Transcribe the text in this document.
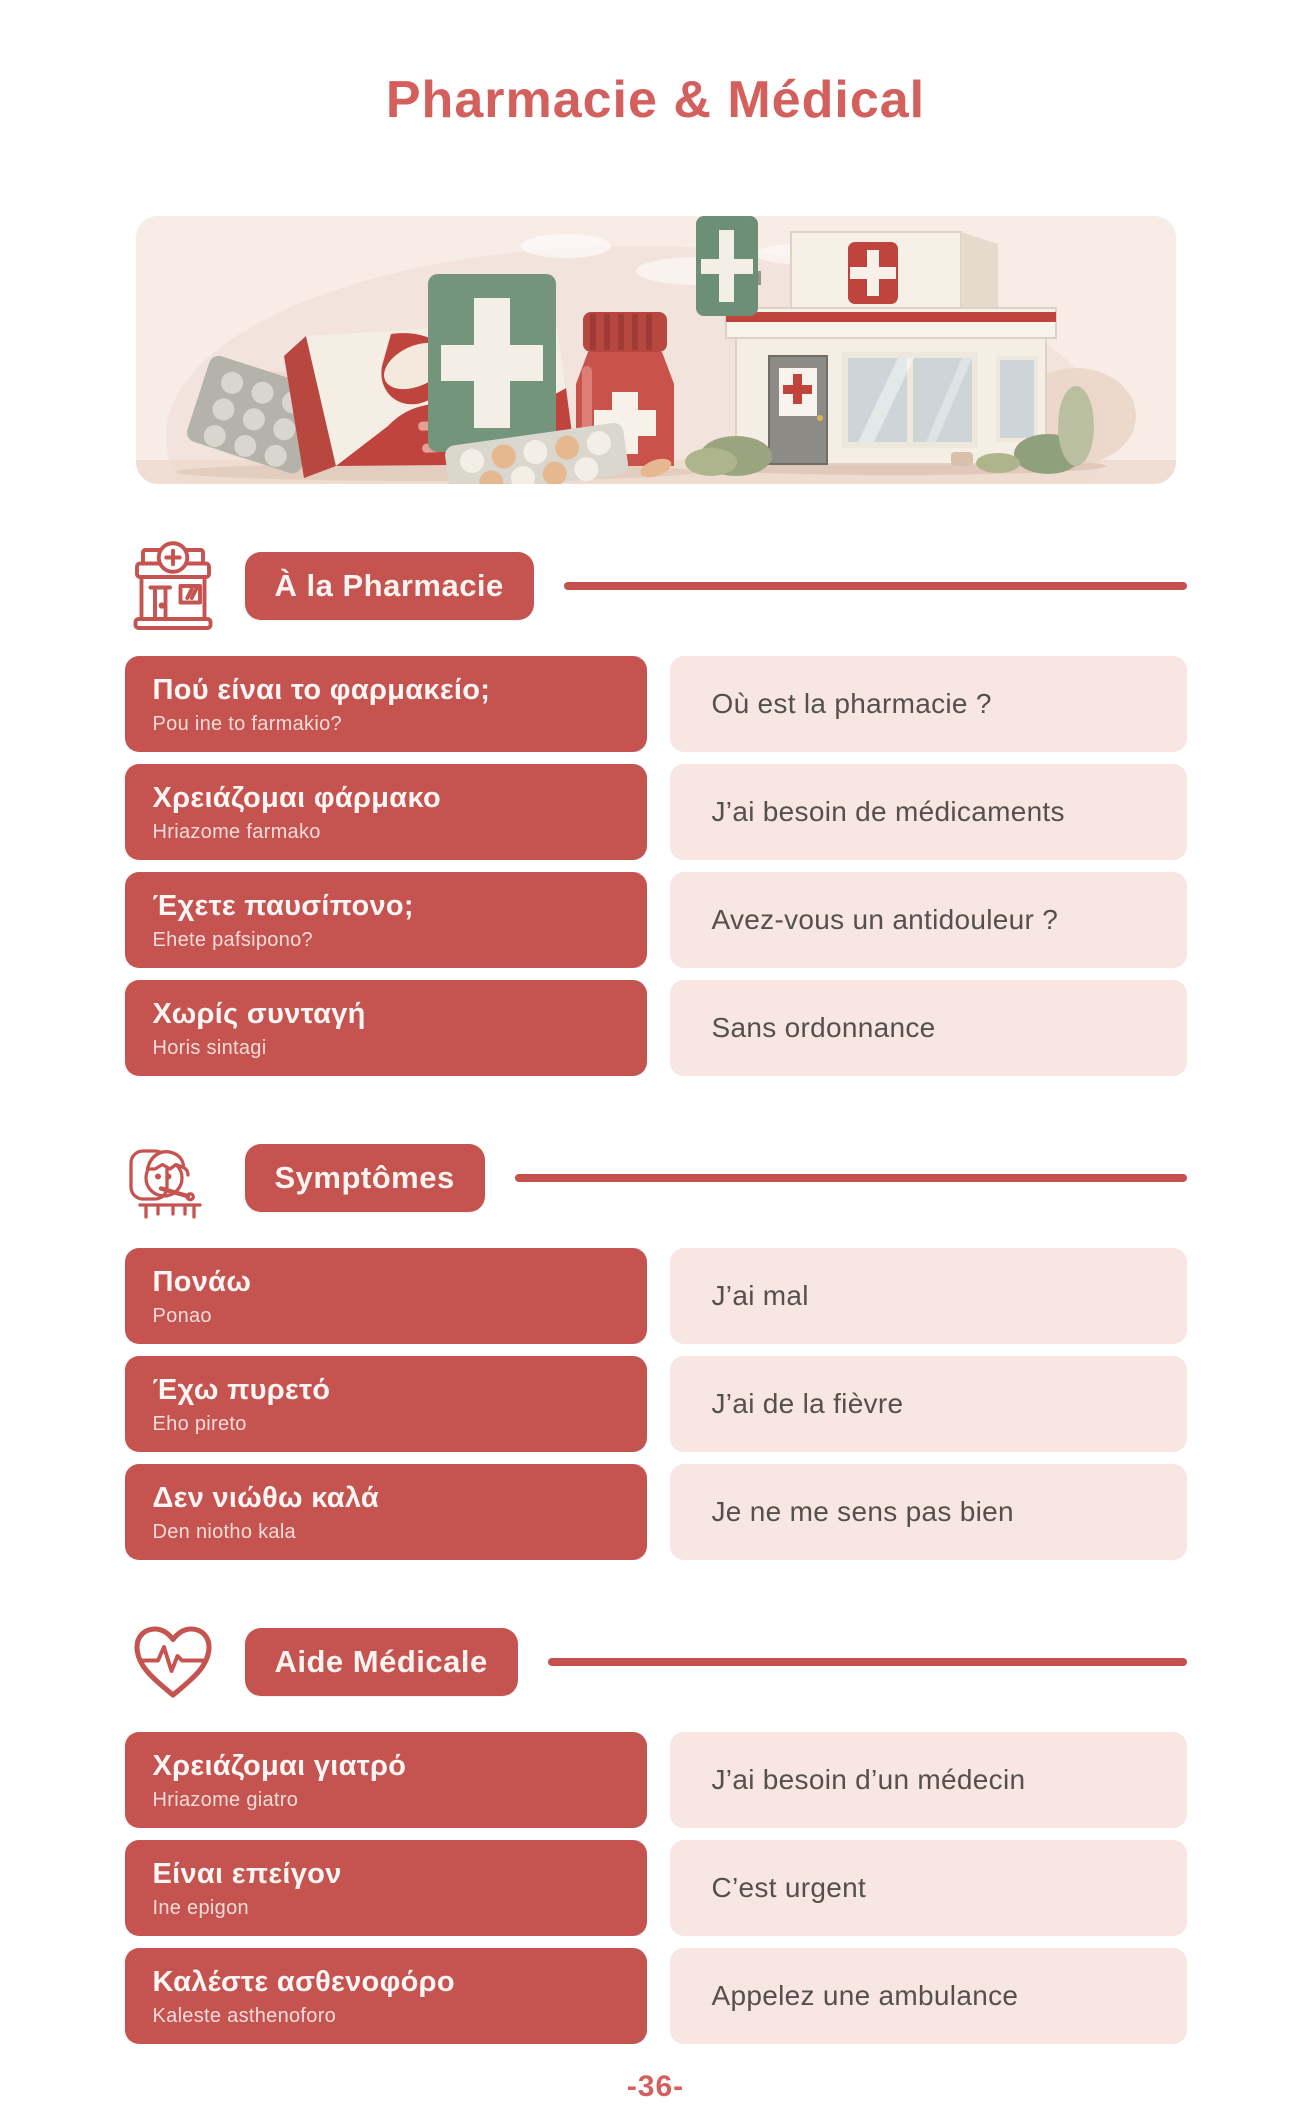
Pharmacie & Médical
À la Pharmacie
Πού είναι το φαρμακείο;
Pou ine to farmakio?
Où est la pharmacie ?
Χρειάζομαι φάρμακο
Hriazome farmako
J’ai besoin de médicaments
Έχετε παυσίπονο;
Ehete pafsipono?
Avez-vous un antidouleur ?
Χωρίς συνταγή
Horis sintagi
Sans ordonnance
Symptômes
Πονάω
Ponao
J’ai mal
Έχω πυρετό
Eho pireto
J’ai de la fièvre
Δεν νιώθω καλά
Den niotho kala
Je ne me sens pas bien
Aide Médicale
Χρειάζομαι γιατρό
Hriazome giatro
J’ai besoin d’un médecin
Είναι επείγον
Ine epigon
C’est urgent
Καλέστε ασθενοφόρο
Kaleste asthenoforo
Appelez une ambulance
-36-
